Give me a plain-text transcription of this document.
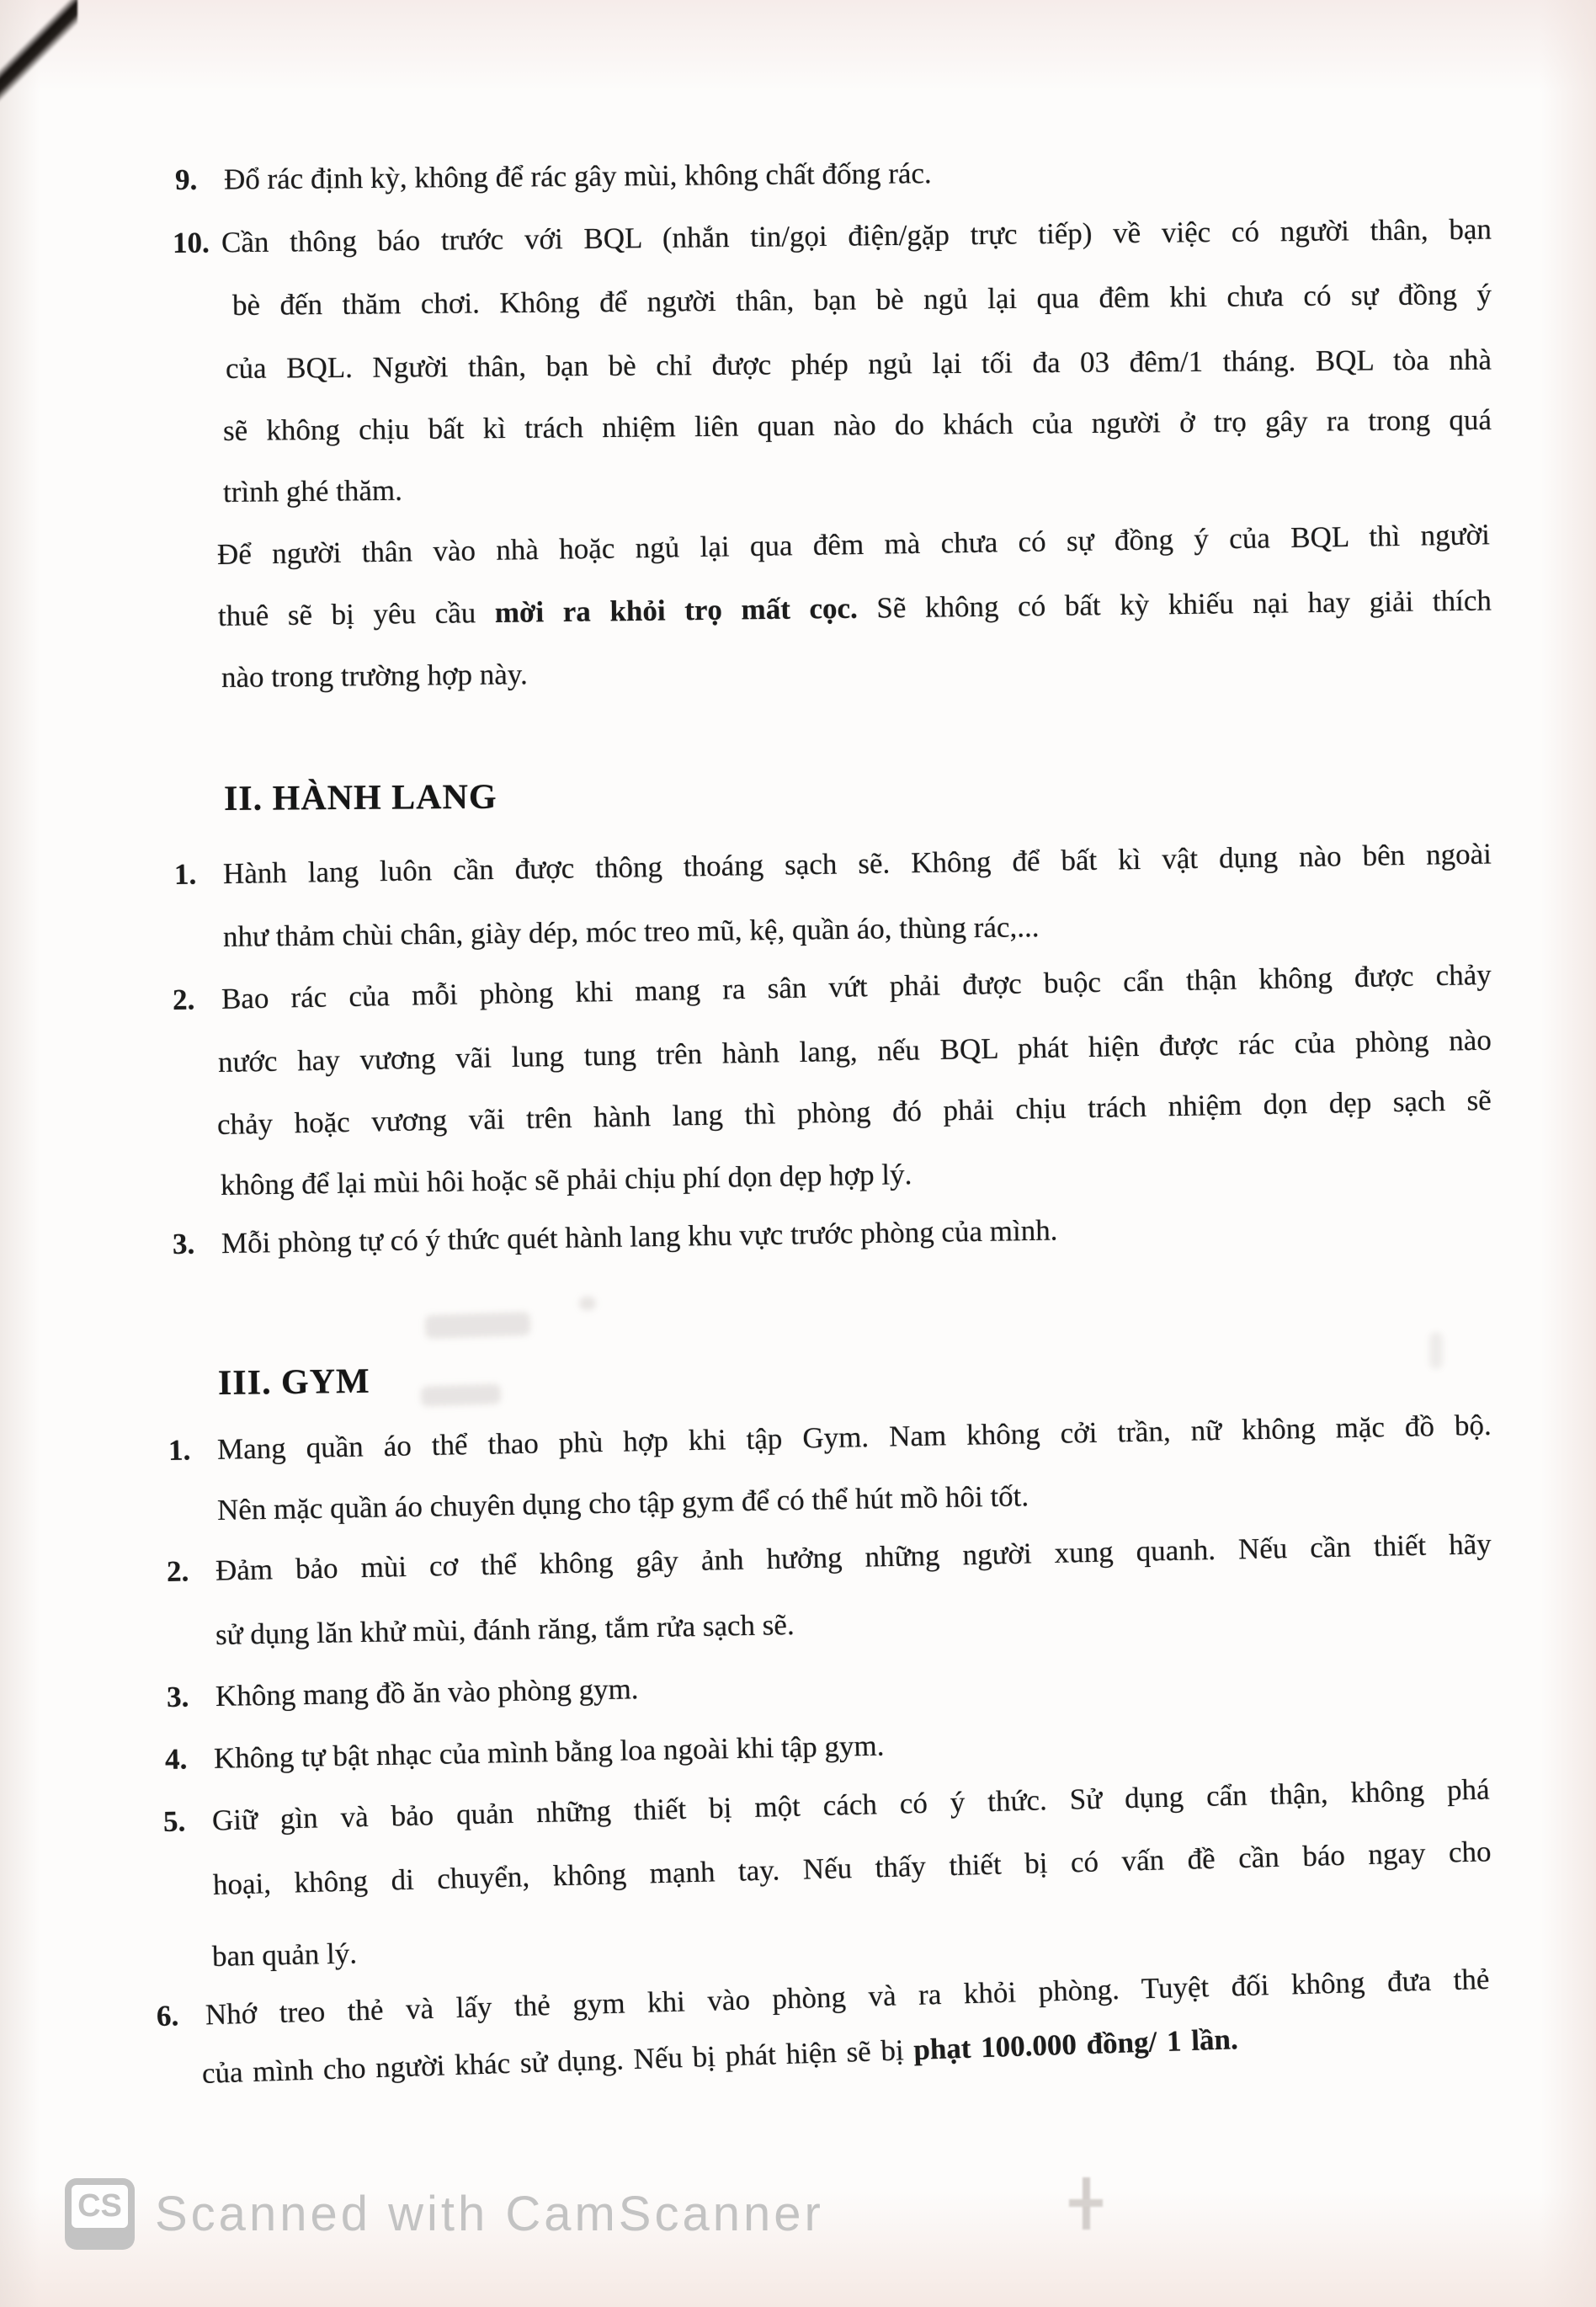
9. Đổ rác định kỳ, không để rác gây mùi, không chất đống rác.
10. Cần thông báo trước với BQL (nhắn tin/gọi điện/gặp trực tiếp) về việc có người thân, bạn
bè đến thăm chơi. Không để người thân, bạn bè ngủ lại qua đêm khi chưa có sự đồng ý
của BQL. Người thân, bạn bè chỉ được phép ngủ lại tối đa 03 đêm/1 tháng. BQL tòa nhà
sẽ không chịu bất kì trách nhiệm liên quan nào do khách của người ở trọ gây ra trong quá
trình ghé thăm.
Để người thân vào nhà hoặc ngủ lại qua đêm mà chưa có sự đồng ý của BQL thì người
thuê sẽ bị yêu cầu mời ra khỏi trọ mất cọc. Sẽ không có bất kỳ khiếu nại hay giải thích
nào trong trường hợp này.
II. HÀNH LANG
1. Hành lang luôn cần được thông thoáng sạch sẽ. Không để bất kì vật dụng nào bên ngoài
như thảm chùi chân, giày dép, móc treo mũ, kệ, quần áo, thùng rác,...
2. Bao rác của mỗi phòng khi mang ra sân vứt phải được buộc cẩn thận không được chảy
nước hay vương vãi lung tung trên hành lang, nếu BQL phát hiện được rác của phòng nào
chảy hoặc vương vãi trên hành lang thì phòng đó phải chịu trách nhiệm dọn dẹp sạch sẽ
không để lại mùi hôi hoặc sẽ phải chịu phí dọn dẹp hợp lý.
3. Mỗi phòng tự có ý thức quét hành lang khu vực trước phòng của mình.
III. GYM
1. Mang quần áo thể thao phù hợp khi tập Gym. Nam không cởi trần, nữ không mặc đồ bộ.
Nên mặc quần áo chuyên dụng cho tập gym để có thể hút mồ hôi tốt.
2. Đảm bảo mùi cơ thể không gây ảnh hưởng những người xung quanh. Nếu cần thiết hãy
sử dụng lăn khử mùi, đánh răng, tắm rửa sạch sẽ.
3. Không mang đồ ăn vào phòng gym.
4. Không tự bật nhạc của mình bằng loa ngoài khi tập gym.
5. Giữ gìn và bảo quản những thiết bị một cách có ý thức. Sử dụng cẩn thận, không phá
hoại, không di chuyển, không mạnh tay. Nếu thấy thiết bị có vấn đề cần báo ngay cho
ban quản lý.
6. Nhớ treo thẻ và lấy thẻ gym khi vào phòng và ra khỏi phòng. Tuyệt đối không đưa thẻ
của mình cho người khác sử dụng. Nếu bị phát hiện sẽ bị phạt 100.000 đồng/ 1 lần.
CS Scanned with CamScanner
